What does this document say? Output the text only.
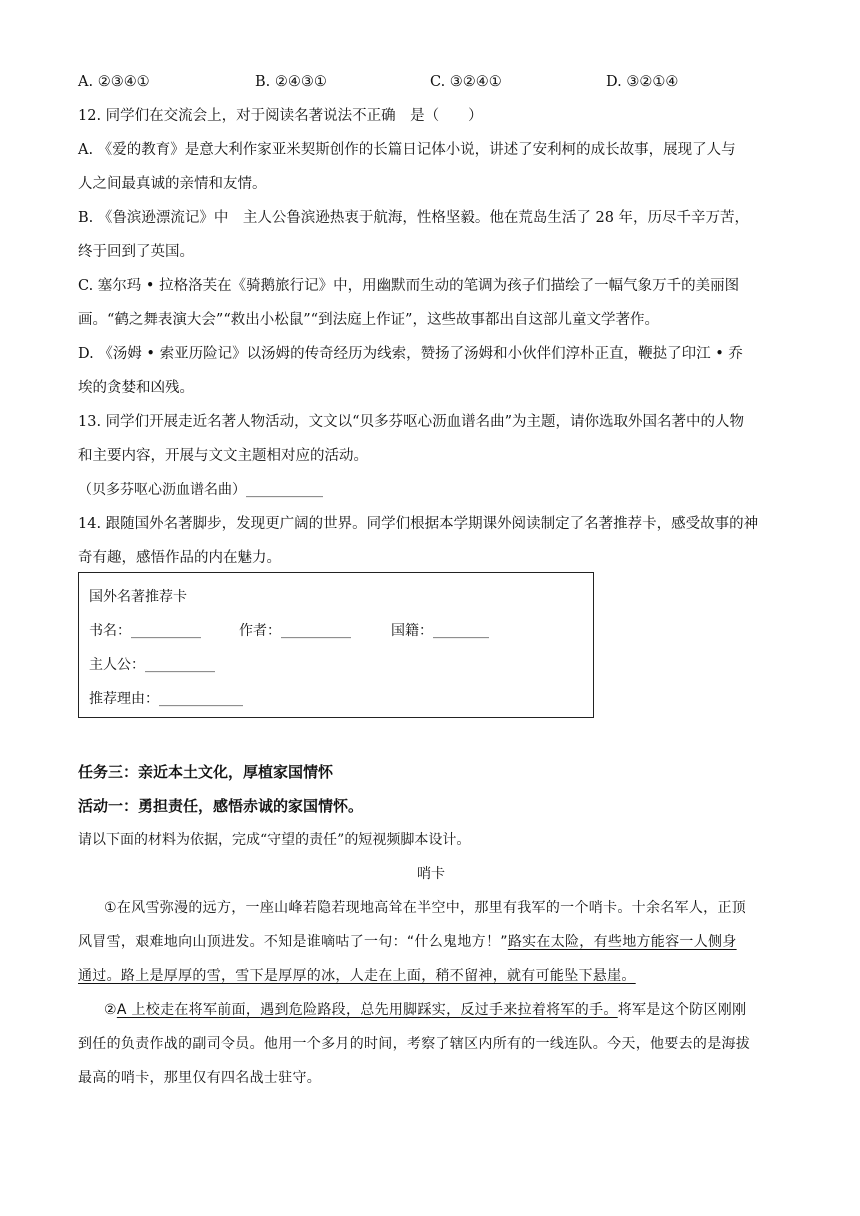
A. ②③④①	B. ②④③①	C. ③②④①	D. ③②①④
12. 同学们在交流会上，对于阅读名著说法不正确　是（　　）
A. 《爱的教育》是意大利作家亚米契斯创作的长篇日记体小说，讲述了安利柯的成长故事，展现了人与
人之间最真诚的亲情和友情。
B. 《鲁滨逊漂流记》中　主人公鲁滨逊热衷于航海，性格坚毅。他在荒岛生活了 28 年，历尽千辛万苦，
终于回到了英国。
C. 塞尔玛 • 拉格洛芙在《骑鹅旅行记》中，用幽默而生动的笔调为孩子们描绘了一幅气象万千的美丽图
画。“鹤之舞表演大会”“救出小松鼠”“到法庭上作证”，这些故事都出自这部儿童文学著作。
D. 《汤姆 • 索亚历险记》以汤姆的传奇经历为线索，赞扬了汤姆和小伙伴们淳朴正直，鞭挞了印江 • 乔
埃的贪婪和凶残。
13. 同学们开展走近名著人物活动，文文以“贝多芬呕心沥血谱名曲”为主题，请你选取外国名著中的人物
和主要内容，开展与文文主题相对应的活动。
（贝多芬呕心沥血谱名曲）___________
14. 跟随国外名著脚步，发现更广阔的世界。同学们根据本学期课外阅读制定了名著推荐卡，感受故事的神
奇有趣，感悟作品的内在魅力。
国外名著推荐卡
书名：__________	作者：__________	国籍：________
主人公：__________
推荐理由：____________
任务三：亲近本土文化，厚植家国情怀
活动一：勇担责任，感悟赤诚的家国情怀。
请以下面的材料为依据，完成“守望的责任”的短视频脚本设计。
哨卡
①在风雪弥漫的远方，一座山峰若隐若现地高耸在半空中，那里有我军的一个哨卡。十余名军人，正顶
风冒雪，艰难地向山顶进发。不知是谁嘀咕了一句：“什么鬼地方！”路实在太险，有些地方能容一人侧身
通过。路上是厚厚的雪，雪下是厚厚的冰，人走在上面，稍不留神，就有可能坠下悬崖。
②A 上校走在将军前面，遇到危险路段，总先用脚踩实，反过手来拉着将军的手。将军是这个防区刚刚
到任的负责作战的副司令员。他用一个多月的时间，考察了辖区内所有的一线连队。今天，他要去的是海拔
最高的哨卡，那里仅有四名战士驻守。
